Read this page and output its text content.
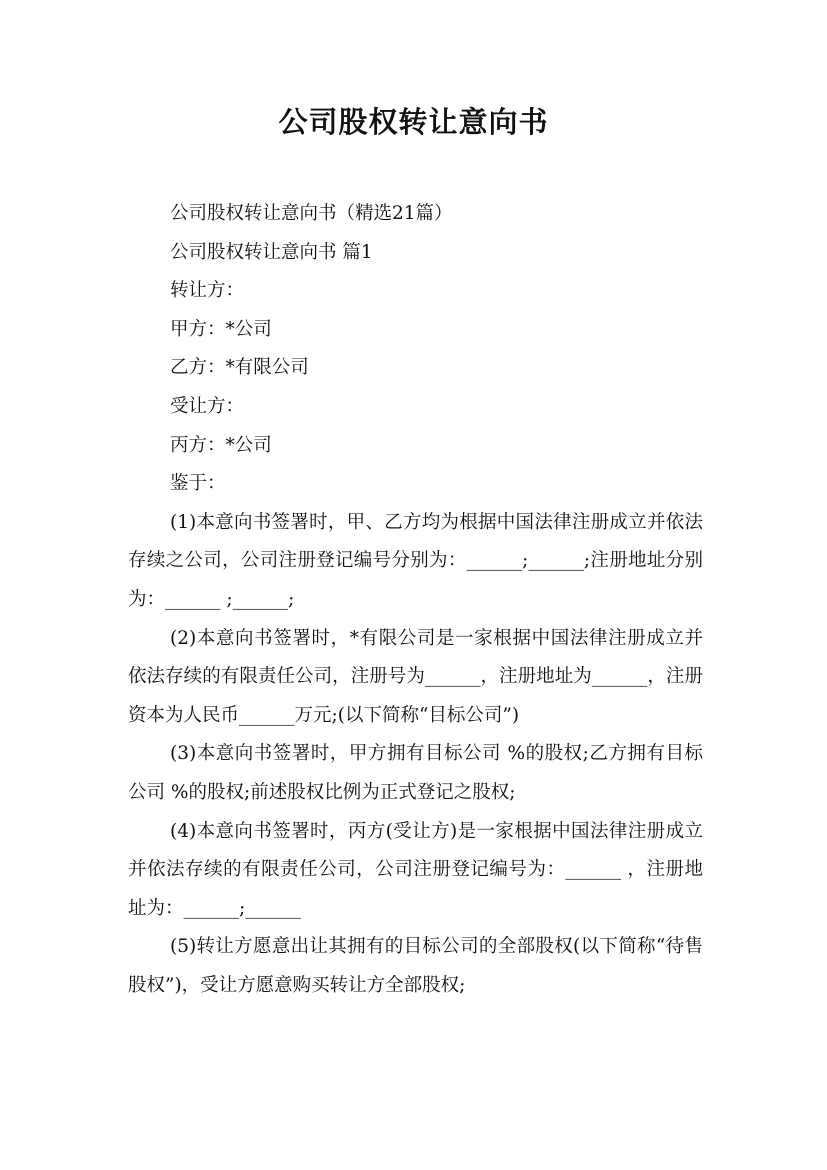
公司股权转让意向书

公司股权转让意向书（精选21篇）

公司股权转让意向书 篇1

转让方：

甲方：*公司

乙方：*有限公司

受让方：

丙方：*公司

鉴于：

(1)本意向书签署时，甲、乙方均为根据中国法律注册成立并依法存续之公司，公司注册登记编号分别为：______;______;注册地址分别为：______ ;______;

(2)本意向书签署时，*有限公司是一家根据中国法律注册成立并依法存续的有限责任公司，注册号为______，注册地址为______，注册资本为人民币______万元;(以下简称“目标公司”)

(3)本意向书签署时，甲方拥有目标公司 %的股权;乙方拥有目标公司 %的股权;前述股权比例为正式登记之股权;

(4)本意向书签署时，丙方(受让方)是一家根据中国法律注册成立并依法存续的有限责任公司，公司注册登记编号为：______ ，注册地址为：______;______

(5)转让方愿意出让其拥有的目标公司的全部股权(以下简称“待售股权”)，受让方愿意购买转让方全部股权;
